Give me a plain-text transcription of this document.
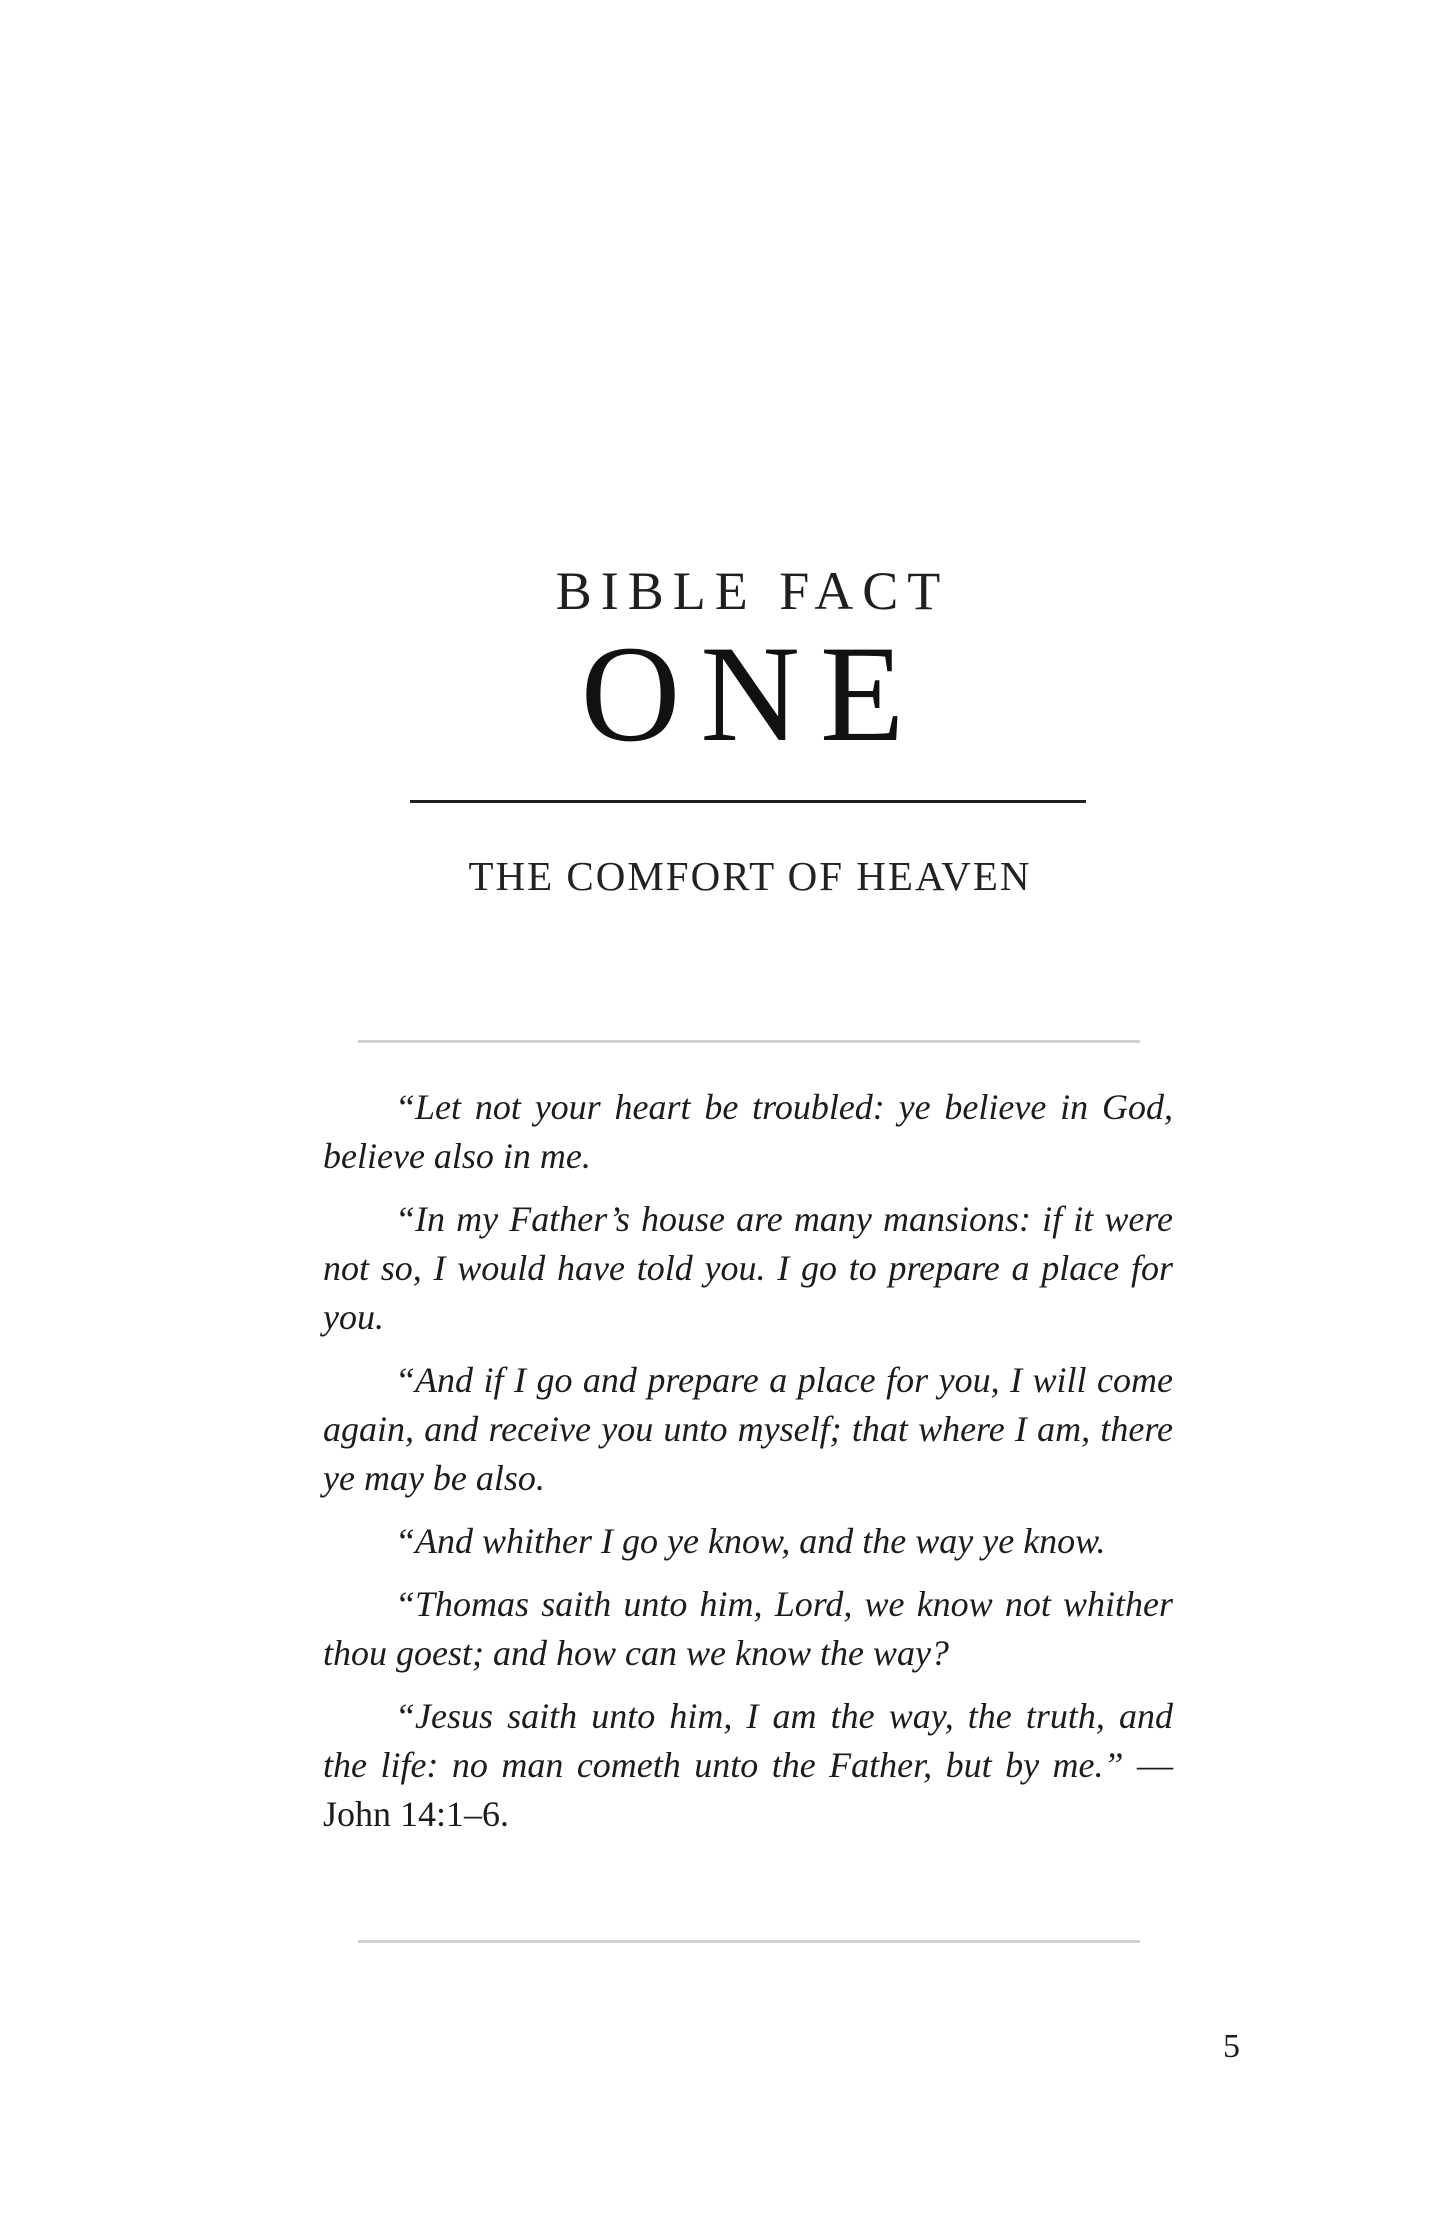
BIBLE FACT
ONE
THE COMFORT OF HEAVEN

“Let not your heart be troubled: ye believe in God, believe also in me.

“In my Father’s house are many mansions: if it were not so, I would have told you. I go to prepare a place for you.

“And if I go and prepare a place for you, I will come again, and receive you unto myself; that where I am, there ye may be also.

“And whither I go ye know, and the way ye know.

“Thomas saith unto him, Lord, we know not whither thou goest; and how can we know the way?

“Jesus saith unto him, I am the way, the truth, and the life: no man cometh unto the Father, but by me.” —John 14:1–6.

5
